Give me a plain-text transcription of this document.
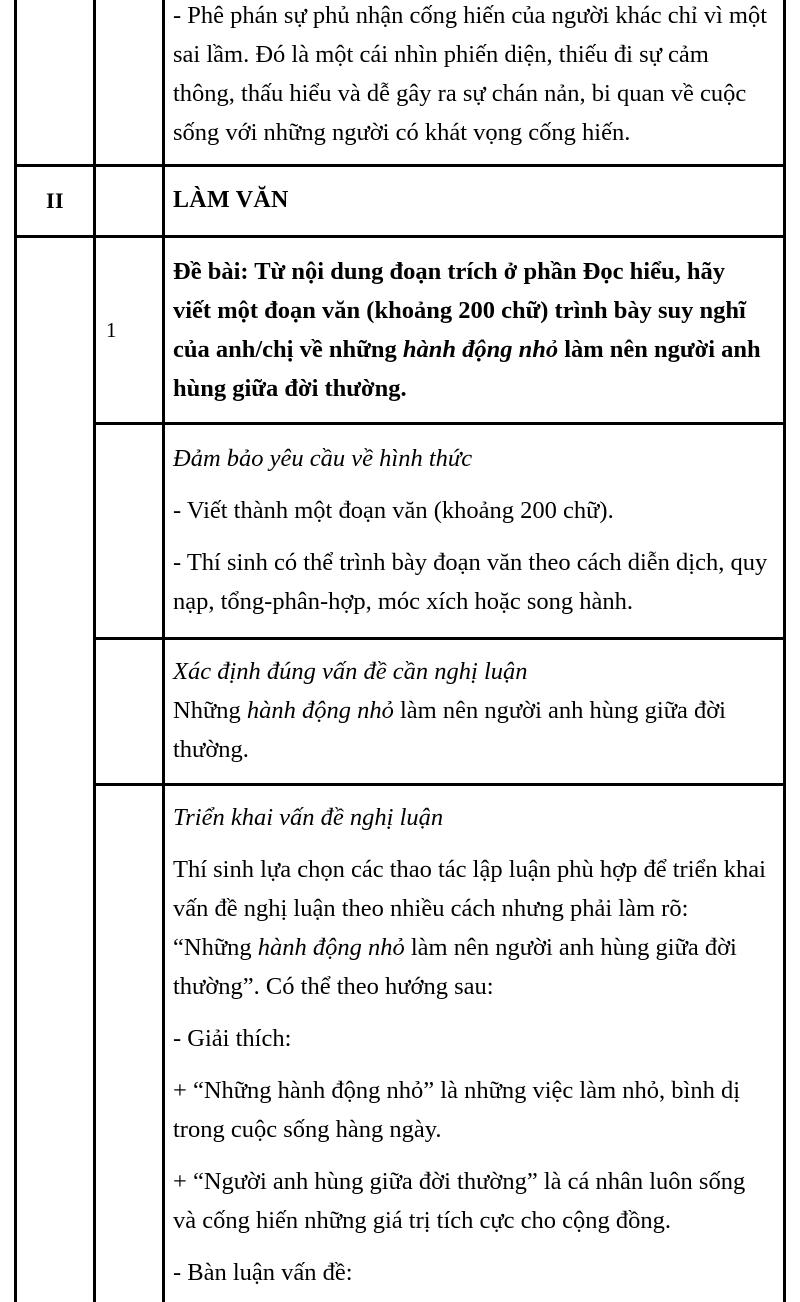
- Phê phán sự phủ nhận cống hiến của người khác chỉ vì một sai lầm. Đó là một cái nhìn phiến diện, thiếu đi sự cảm thông, thấu hiểu và dễ gây ra sự chán nản, bi quan về cuộc sống với những người có khát vọng cống hiến.

II	LÀM VĂN

1

Đề bài: Từ nội dung đoạn trích ở phần Đọc hiểu, hãy viết một đoạn văn (khoảng 200 chữ) trình bày suy nghĩ của anh/chị về những hành động nhỏ làm nên người anh hùng giữa đời thường.

Đảm bảo yêu cầu về hình thức

- Viết thành một đoạn văn (khoảng 200 chữ).

- Thí sinh có thể trình bày đoạn văn theo cách diễn dịch, quy nạp, tổng-phân-hợp, móc xích hoặc song hành.

Xác định đúng vấn đề cần nghị luận

Những hành động nhỏ làm nên người anh hùng giữa đời thường.

Triển khai vấn đề nghị luận

Thí sinh lựa chọn các thao tác lập luận phù hợp để triển khai vấn đề nghị luận theo nhiều cách nhưng phải làm rõ: “Những hành động nhỏ làm nên người anh hùng giữa đời thường”. Có thể theo hướng sau:

- Giải thích:

+ “Những hành động nhỏ” là những việc làm nhỏ, bình dị trong cuộc sống hàng ngày.

+ “Người anh hùng giữa đời thường” là cá nhân luôn sống và cống hiến những giá trị tích cực cho cộng đồng.

- Bàn luận vấn đề:
